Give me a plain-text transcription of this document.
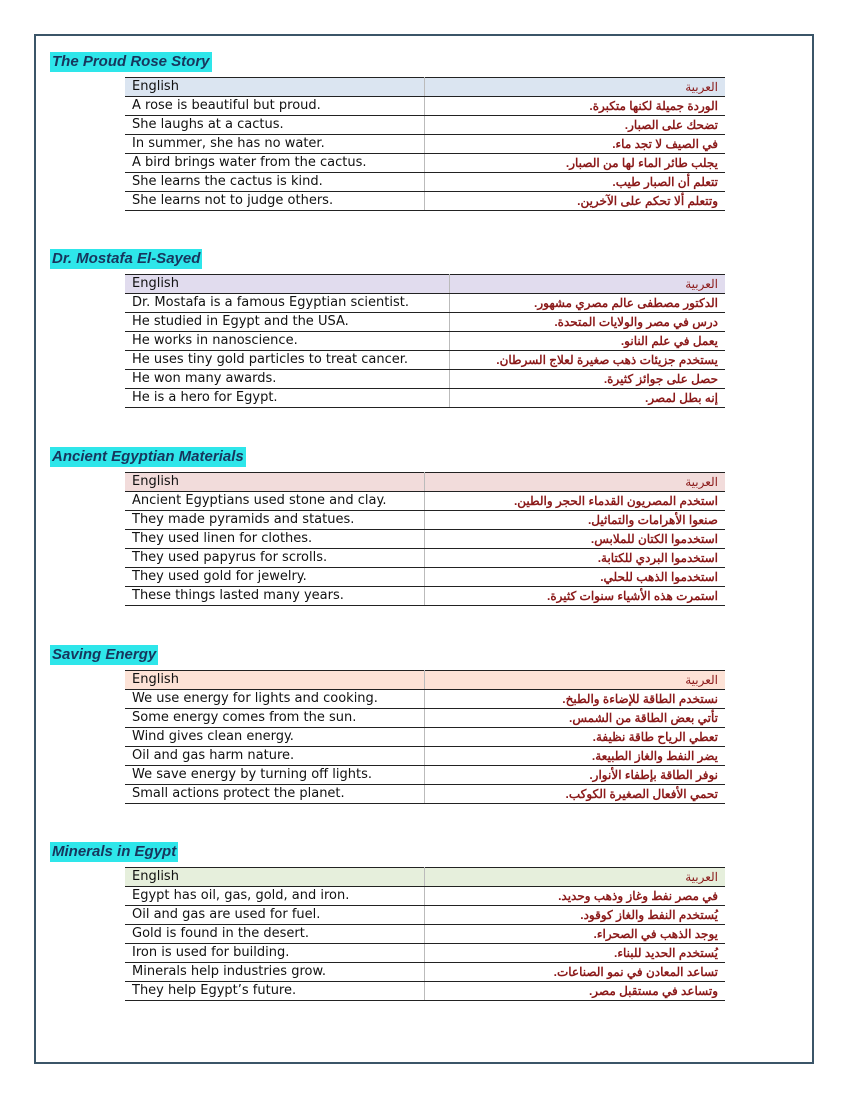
The Proud Rose Story
English	العربية
A rose is beautiful but proud.	الوردة جميلة لكنها متكبرة.
She laughs at a cactus.	تضحك على الصبار.
In summer, she has no water.	في الصيف لا تجد ماء.
A bird brings water from the cactus.	يجلب طائر الماء لها من الصبار.
She learns the cactus is kind.	تتعلم أن الصبار طيب.
She learns not to judge others.	وتتعلم ألا تحكم على الآخرين.
Dr. Mostafa El-Sayed
English	العربية
Dr. Mostafa is a famous Egyptian scientist.	الدكتور مصطفى عالم مصري مشهور.
He studied in Egypt and the USA.	درس في مصر والولايات المتحدة.
He works in nanoscience.	يعمل في علم النانو.
He uses tiny gold particles to treat cancer.	يستخدم جزيئات ذهب صغيرة لعلاج السرطان.
He won many awards.	حصل على جوائز كثيرة.
He is a hero for Egypt.	إنه بطل لمصر.
Ancient Egyptian Materials
English	العربية
Ancient Egyptians used stone and clay.	استخدم المصريون القدماء الحجر والطين.
They made pyramids and statues.	صنعوا الأهرامات والتماثيل.
They used linen for clothes.	استخدموا الكتان للملابس.
They used papyrus for scrolls.	استخدموا البردي للكتابة.
They used gold for jewelry.	استخدموا الذهب للحلي.
These things lasted many years.	استمرت هذه الأشياء سنوات كثيرة.
Saving Energy
English	العربية
We use energy for lights and cooking.	نستخدم الطاقة للإضاءة والطبخ.
Some energy comes from the sun.	تأتي بعض الطاقة من الشمس.
Wind gives clean energy.	تعطي الرياح طاقة نظيفة.
Oil and gas harm nature.	يضر النفط والغاز الطبيعة.
We save energy by turning off lights.	نوفر الطاقة بإطفاء الأنوار.
Small actions protect the planet.	تحمي الأفعال الصغيرة الكوكب.
Minerals in Egypt
English	العربية
Egypt has oil, gas, gold, and iron.	في مصر نفط وغاز وذهب وحديد.
Oil and gas are used for fuel.	يُستخدم النفط والغاز كوقود.
Gold is found in the desert.	يوجد الذهب في الصحراء.
Iron is used for building.	يُستخدم الحديد للبناء.
Minerals help industries grow.	تساعد المعادن في نمو الصناعات.
They help Egypt’s future.	وتساعد في مستقبل مصر.
